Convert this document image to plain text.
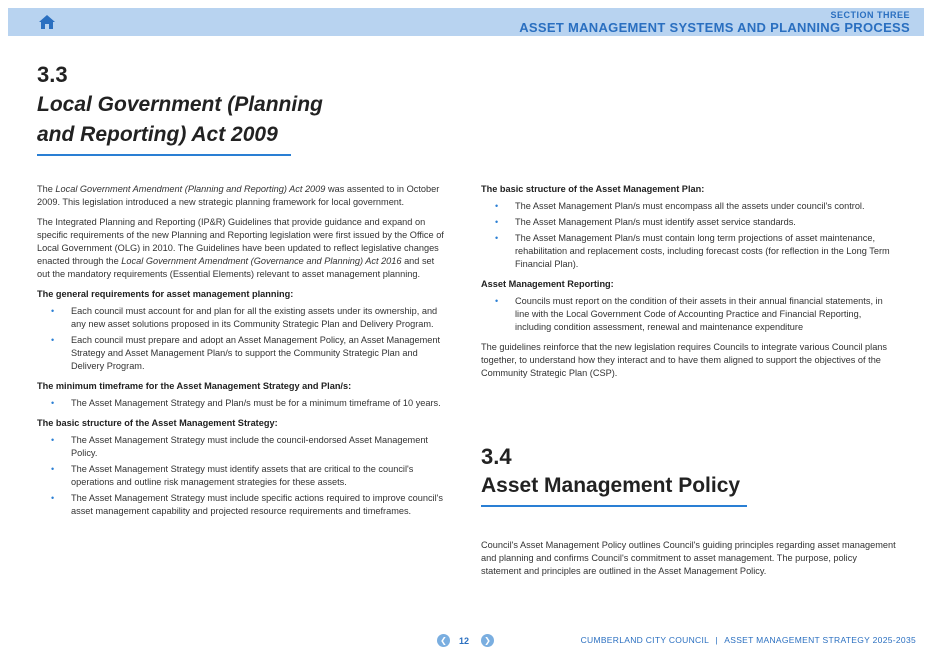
SECTION THREE
ASSET MANAGEMENT SYSTEMS AND PLANNING PROCESS
3.3
Local Government (Planning
and Reporting) Act 2009

The Local Government Amendment (Planning and Reporting) Act 2009 was assented to in October 2009. This legislation introduced a new strategic planning framework for local government.

The Integrated Planning and Reporting (IP&R) Guidelines that provide guidance and expand on specific requirements of the new Planning and Reporting legislation were first issued by the Office of Local Government (OLG) in 2010. The Guidelines have been updated to reflect legislative changes enacted through the Local Government Amendment (Governance and Planning) Act 2016 and set out the mandatory requirements (Essential Elements) relevant to asset management planning.

The general requirements for asset management planning:
• Each council must account for and plan for all the existing assets under its ownership, and any new asset solutions proposed in its Community Strategic Plan and Delivery Program.
• Each council must prepare and adopt an Asset Management Policy, an Asset Management Strategy and Asset Management Plan/s to support the Community Strategic Plan and Delivery Program.
The minimum timeframe for the Asset Management Strategy and Plan/s:
• The Asset Management Strategy and Plan/s must be for a minimum timeframe of 10 years.
The basic structure of the Asset Management Strategy:
• The Asset Management Strategy must include the council-endorsed Asset Management Policy.
• The Asset Management Strategy must identify assets that are critical to the council's operations and outline risk management strategies for these assets.
• The Asset Management Strategy must include specific actions required to improve council's asset management capability and projected resource requirements and timeframes.
The basic structure of the Asset Management Plan:
• The Asset Management Plan/s must encompass all the assets under council's control.
• The Asset Management Plan/s must identify asset service standards.
• The Asset Management Plan/s must contain long term projections of asset maintenance, rehabilitation and replacement costs, including forecast costs (for reflection in the Long Term Financial Plan).
Asset Management Reporting:
• Councils must report on the condition of their assets in their annual financial statements, in line with the Local Government Code of Accounting Practice and Financial Reporting, including condition assessment, renewal and maintenance expenditure

The guidelines reinforce that the new legislation requires Councils to integrate various Council plans together, to understand how they interact and to have them aligned to support the objectives of the Community Strategic Plan (CSP).

3.4
Asset Management Policy

Council's Asset Management Policy outlines Council's guiding principles regarding asset management and planning and confirms Council's commitment to asset management. The purpose, policy statement and principles are outlined in the Asset Management Policy.

❮	12	❯	CUMBERLAND CITY COUNCIL | ASSET MANAGEMENT STRATEGY 2025-2035
